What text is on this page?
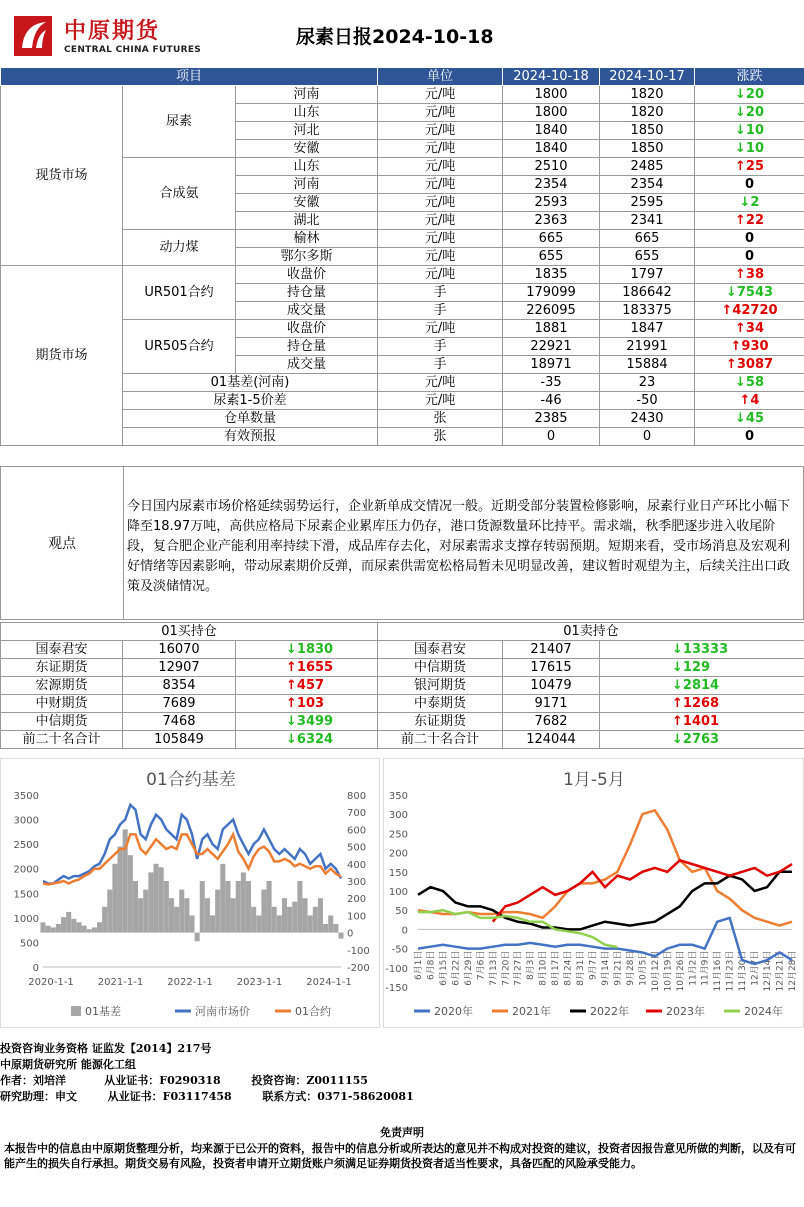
中原期货
CENTRAL CHINA FUTURES
尿素日报2024-10-18
项目			单位	2024-10-18	2024-10-17	涨跌
现货市场	尿素	河南	元/吨	1800	1820	↓20
		山东	元/吨	1800	1820	↓20
		河北	元/吨	1840	1850	↓10
		安徽	元/吨	1840	1850	↓10
	合成氨	山东	元/吨	2510	2485	↑25
		河南	元/吨	2354	2354	0
		安徽	元/吨	2593	2595	↓2
		湖北	元/吨	2363	2341	↑22
	动力煤	榆林	元/吨	665	665	0
		鄂尔多斯	元/吨	655	655	0
期货市场	UR501合约	收盘价	元/吨	1835	1797	↑38
		持仓量	手	179099	186642	↓7543
		成交量	手	226095	183375	↑42720
	UR505合约	收盘价	元/吨	1881	1847	↑34
		持仓量	手	22921	21991	↑930
		成交量	手	18971	15884	↑3087
	01基差(河南)		元/吨	-35	23	↓58
	尿素1-5价差		元/吨	-46	-50	↑4
	仓单数量		张	2385	2430	↓45
	有效预报		张	0	0	0
观点
今日国内尿素市场价格延续弱势运行，企业新单成交情况一般。近期受部分装置检修影响，尿素行业日产环比小幅下降至18.97万吨，高供应格局下尿素企业累库压力仍存，港口货源数量环比持平。需求端，秋季肥逐步进入收尾阶段，复合肥企业产能利用率持续下滑，成品库存去化，对尿素需求支撑存转弱预期。短期来看，受市场消息及宏观利好情绪等因素影响，带动尿素期价反弹，而尿素供需宽松格局暂未见明显改善，建议暂时观望为主，后续关注出口政策及淡储情况。
01买持仓			01卖持仓		
国泰君安	16070	↓1830	国泰君安	21407	↓13333
东证期货	12907	↑1655	中信期货	17615	↓129
宏源期货	8354	↑457	银河期货	10479	↓2814
中财期货	7689	↑103	中泰期货	9171	↑1268
中信期货	7468	↓3499	东证期货	7682	↑1401
前二十名合计	105849	↓6324	前二十名合计	124044	↓2763
01合约基差
0
500
1000
1500
2000
2500
3000
3500
-200
-100
0
100
200
300
400
500
600
700
800
2020-1-1 2021-1-1 2022-1-1 2023-1-1 2024-1-1
01基差	河南市场价	01合约
1月-5月
-150
-100
-50
0
50
100
150
200
250
300
350
6月1日 6月8日 6月15日 6月22日 6月29日 7月6日 7月13日 7月20日 7月27日 8月3日 8月10日 8月17日 8月24日 8月31日 9月7日 9月14日 9月21日 9月28日 10月5日 10月12日 10月19日 10月26日 11月2日 11月9日 11月16日 11月23日 11月30日 12月7日 12月14日 12月21日 12月28日
2020年	2021年	2022年	2023年	2024年
投资咨询业务资格 证监发【2014】217号
中原期货研究所 能源化工组
作者：刘培洋          从业证书：F0290318        投资咨询：Z0011155
研究助理：申文        从业证书：F03117458        联系方式：0371-58620081
免责声明
本报告中的信息由中原期货整理分析，均来源于已公开的资料，报告中的信息分析或所表达的意见并不构成对投资的建议，投资者因报告意见所做的判断，以及有可能产生的损失自行承担。期货交易有风险，投资者申请开立期货账户须满足证券期货投资者适当性要求，具备匹配的风险承受能力。
